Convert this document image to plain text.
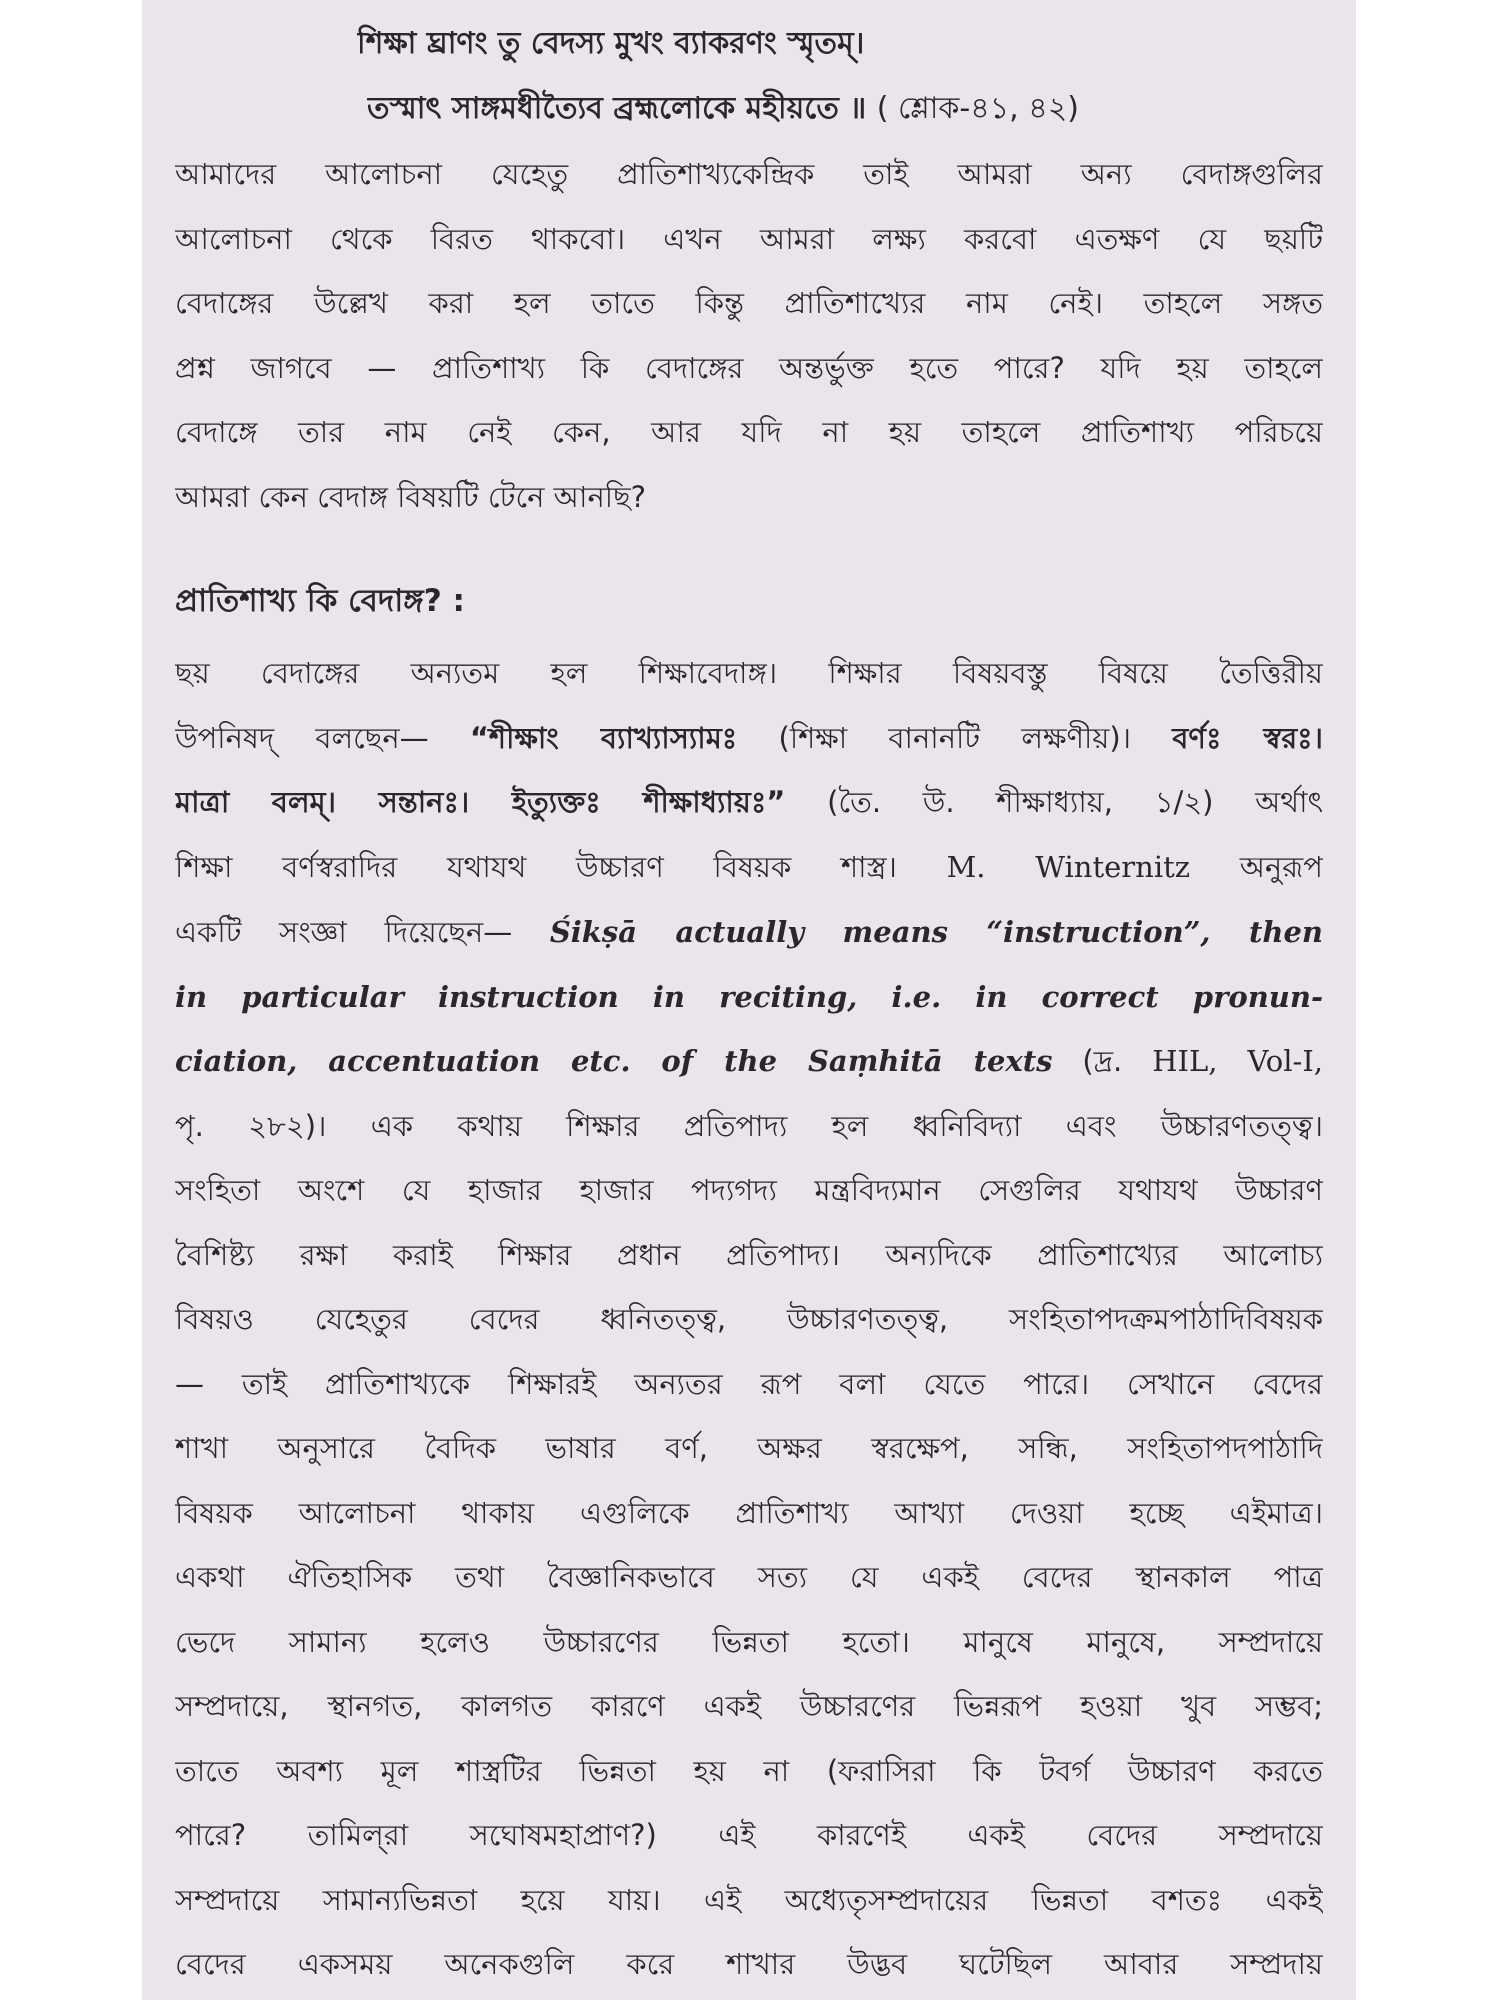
শিক্ষা ঘ্রাণং তু বেদস্য মুখং ব্যাকরণং স্মৃতম্।
তস্মাৎ সাঙ্গমধীত্যৈব ব্রহ্মলোকে মহীয়তে ॥ ( শ্লোক-৪১, ৪২)
আমাদের আলোচনা যেহেতু প্রাতিশাখ্যকেন্দ্রিক তাই আমরা অন্য বেদাঙ্গগুলির
আলোচনা থেকে বিরত থাকবো। এখন আমরা লক্ষ্য করবো এতক্ষণ যে ছয়টি
বেদাঙ্গের উল্লেখ করা হল তাতে কিন্তু প্রাতিশাখ্যের নাম নেই। তাহলে সঙ্গত
প্রশ্ন জাগবে — প্রাতিশাখ্য কি বেদাঙ্গের অন্তর্ভুক্ত হতে পারে? যদি হয় তাহলে
বেদাঙ্গে তার নাম নেই কেন, আর যদি না হয় তাহলে প্রাতিশাখ্য পরিচয়ে
আমরা কেন বেদাঙ্গ বিষয়টি টেনে আনছি?
প্রাতিশাখ্য কি বেদাঙ্গ? :
ছয় বেদাঙ্গের অন্যতম হল শিক্ষাবেদাঙ্গ। শিক্ষার বিষয়বস্তু বিষয়ে তৈত্তিরীয়
উপনিষদ্ বলছেন— “শীক্ষাং ব্যাখ্যাস্যামঃ (শিক্ষা বানানটি লক্ষণীয়)। বর্ণঃ স্বরঃ।
মাত্রা বলম্। সন্তানঃ। ইত্যুক্তঃ শীক্ষাধ্যায়ঃ” (তৈ. উ. শীক্ষাধ্যায়, ১/২) অর্থাৎ
শিক্ষা বর্ণস্বরাদির যথাযথ উচ্চারণ বিষয়ক শাস্ত্র। M. Winternitz অনুরূপ
একটি সংজ্ঞা দিয়েছেন— Śikṣā actually means “instruction”, then
in particular instruction in reciting, i.e. in correct pronun-
ciation, accentuation etc. of the Saṃhitā texts (দ্র. HIL, Vol-I,
পৃ. ২৮২)। এক কথায় শিক্ষার প্রতিপাদ্য হল ধ্বনিবিদ্যা এবং উচ্চারণতত্ত্ব।
সংহিতা অংশে যে হাজার হাজার পদ্যগদ্য মন্ত্রবিদ্যমান সেগুলির যথাযথ উচ্চারণ
বৈশিষ্ট্য রক্ষা করাই শিক্ষার প্রধান প্রতিপাদ্য। অন্যদিকে প্রাতিশাখ্যের আলোচ্য
বিষয়ও যেহেতুর বেদের ধ্বনিতত্ত্ব, উচ্চারণতত্ত্ব, সংহিতাপদক্রমপাঠাদিবিষয়ক
— তাই প্রাতিশাখ্যকে শিক্ষারই অন্যতর রূপ বলা যেতে পারে। সেখানে বেদের
শাখা অনুসারে বৈদিক ভাষার বর্ণ, অক্ষর স্বরক্ষেপ, সন্ধি, সংহিতাপদপাঠাদি
বিষয়ক আলোচনা থাকায় এগুলিকে প্রাতিশাখ্য আখ্যা দেওয়া হচ্ছে এইমাত্র।
একথা ঐতিহাসিক তথা বৈজ্ঞানিকভাবে সত্য যে একই বেদের স্থানকাল পাত্র
ভেদে সামান্য হলেও উচ্চারণের ভিন্নতা হতো। মানুষে মানুষে, সম্প্রদায়ে
সম্প্রদায়ে, স্থানগত, কালগত কারণে একই উচ্চারণের ভিন্নরূপ হওয়া খুব সম্ভব;
তাতে অবশ্য মূল শাস্ত্রটির ভিন্নতা হয় না (ফরাসিরা কি টবর্গ উচ্চারণ করতে
পারে? তামিল্‌রা সঘোষমহাপ্রাণ?) এই কারণেই একই বেদের সম্প্রদায়ে
সম্প্রদায়ে সামান্যভিন্নতা হয়ে যায়। এই অধ্যেতৃসম্প্রদায়ের ভিন্নতা বশতঃ একই
বেদের একসময় অনেকগুলি করে শাখার উদ্ভব ঘটেছিল আবার সম্প্রদায়
